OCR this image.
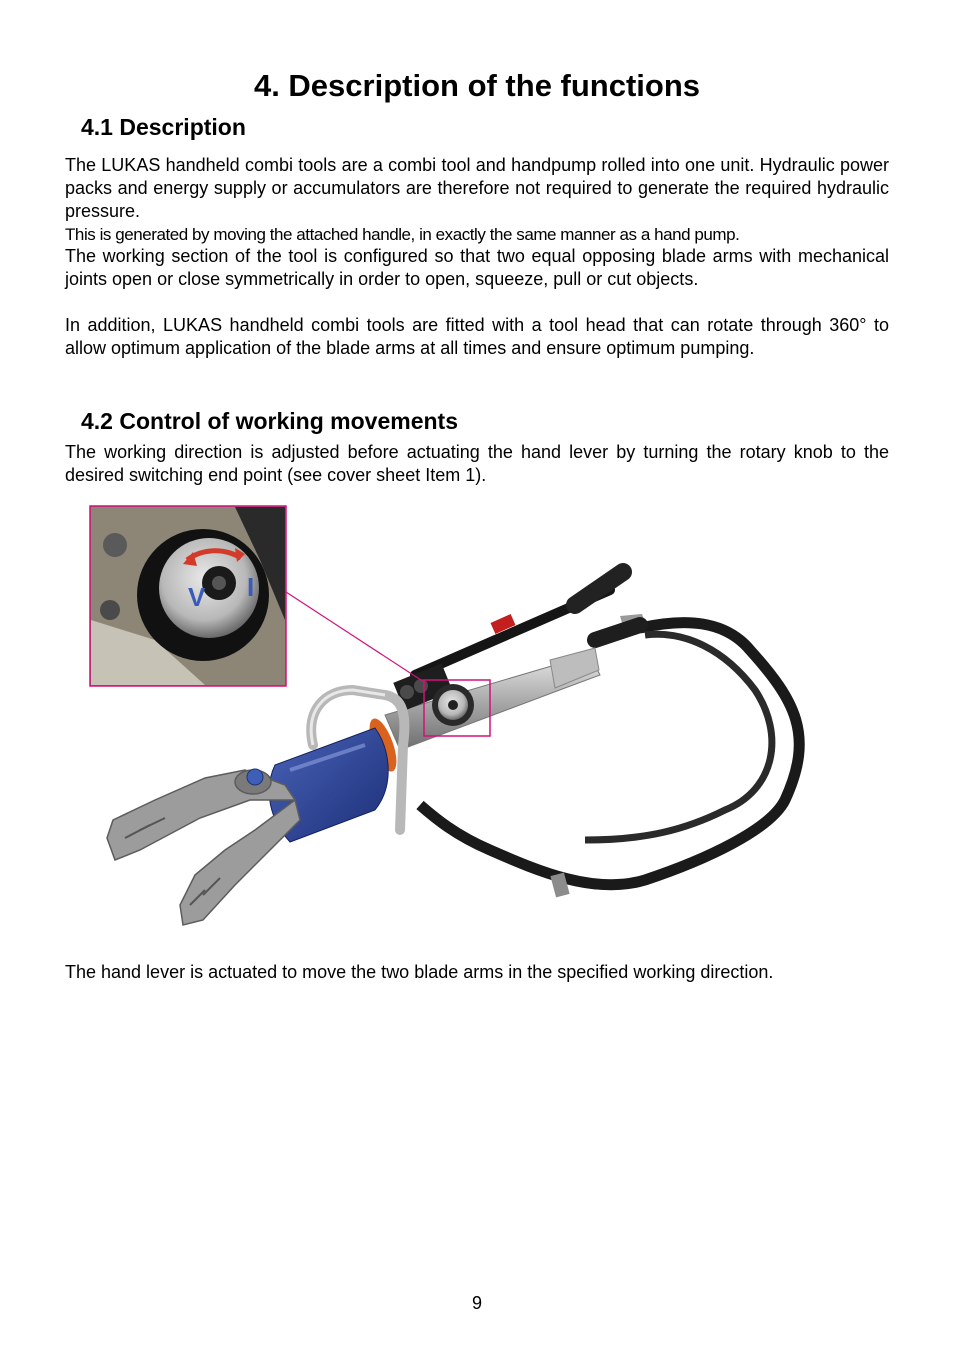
4. Description of the functions
4.1 Description

The LUKAS handheld combi tools are a combi tool and handpump rolled into one unit. Hydraulic power packs and energy supply or accumulators are therefore not required to generate the required hydraulic pressure.

This is generated by moving the attached handle, in exactly the same manner as a hand pump.

The working section of the tool is configured so that two equal opposing blade arms with mechanical joints open or close symmetrically in order to open, squeeze, pull or cut objects.

In addition, LUKAS handheld combi tools are fitted with a tool head that can rotate through 360° to allow optimum application of the blade arms at all times and ensure optimum pumping.

4.2 Control of working movements

The working direction is adjusted before actuating the hand lever by turning the rotary knob to the desired switching end point (see cover sheet Item 1).

V I

The hand lever is actuated to move the two blade arms in the specified working direction.

9
